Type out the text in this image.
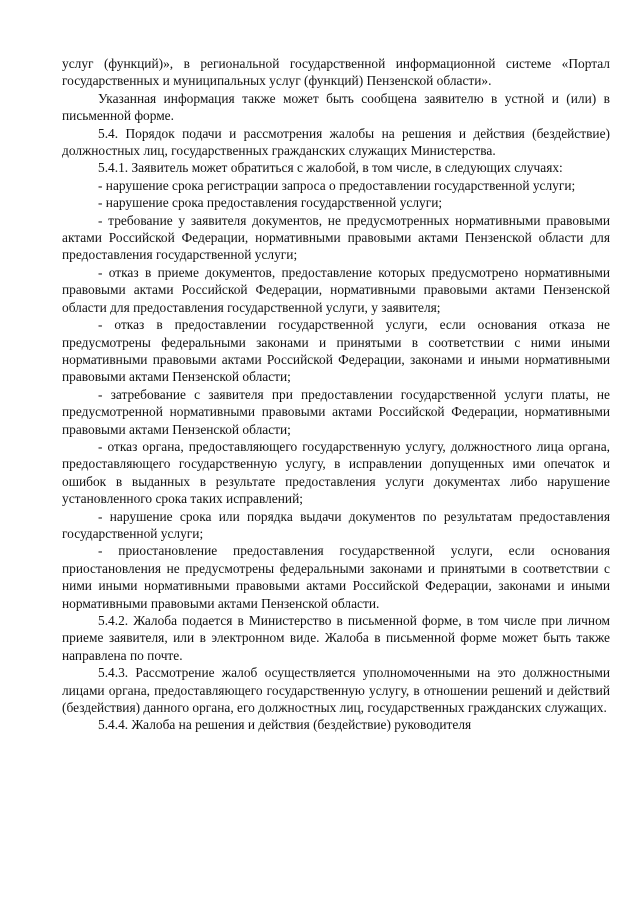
услуг (функций)», в региональной государственной информационной системе «Портал государственных и муниципальных услуг (функций) Пензенской области».

Указанная информация также может быть сообщена заявителю в устной и (или) в письменной форме.

5.4. Порядок подачи и рассмотрения жалобы на решения и действия (бездействие) должностных лиц, государственных гражданских служащих Министерства.

5.4.1. Заявитель может обратиться с жалобой, в том числе, в следующих случаях:

- нарушение срока регистрации запроса о предоставлении государственной услуги;

- нарушение срока предоставления государственной услуги;

- требование у заявителя документов, не предусмотренных нормативными правовыми актами Российской Федерации, нормативными правовыми актами Пензенской области для предоставления государственной услуги;

- отказ в приеме документов, предоставление которых предусмотрено нормативными правовыми актами Российской Федерации, нормативными правовыми актами Пензенской области для предоставления государственной услуги, у заявителя;

- отказ в предоставлении государственной услуги, если основания отказа не предусмотрены федеральными законами и принятыми в соответствии с ними иными нормативными правовыми актами Российской Федерации, законами и иными нормативными правовыми актами Пензенской области;

- затребование с заявителя при предоставлении государственной услуги платы, не предусмотренной нормативными правовыми актами Российской Федерации, нормативными правовыми актами Пензенской области;

- отказ органа, предоставляющего государственную услугу, должностного лица органа, предоставляющего государственную услугу, в исправлении допущенных ими опечаток и ошибок в выданных в результате предоставления услуги документах либо нарушение установленного срока таких исправлений;

- нарушение срока или порядка выдачи документов по результатам предоставления государственной услуги;

- приостановление предоставления государственной услуги, если основания приостановления не предусмотрены федеральными законами и принятыми в соответствии с ними иными нормативными правовыми актами Российской Федерации, законами и иными нормативными правовыми актами Пензенской области.

5.4.2. Жалоба подается в Министерство в письменной форме, в том числе при личном приеме заявителя, или в электронном виде. Жалоба в письменной форме может быть также направлена по почте.

5.4.3. Рассмотрение жалоб осуществляется уполномоченными на это должностными лицами органа, предоставляющего государственную услугу, в отношении решений и действий (бездействия) данного органа, его должностных лиц, государственных гражданских служащих.

5.4.4. Жалоба на решения и действия (бездействие) руководителя
